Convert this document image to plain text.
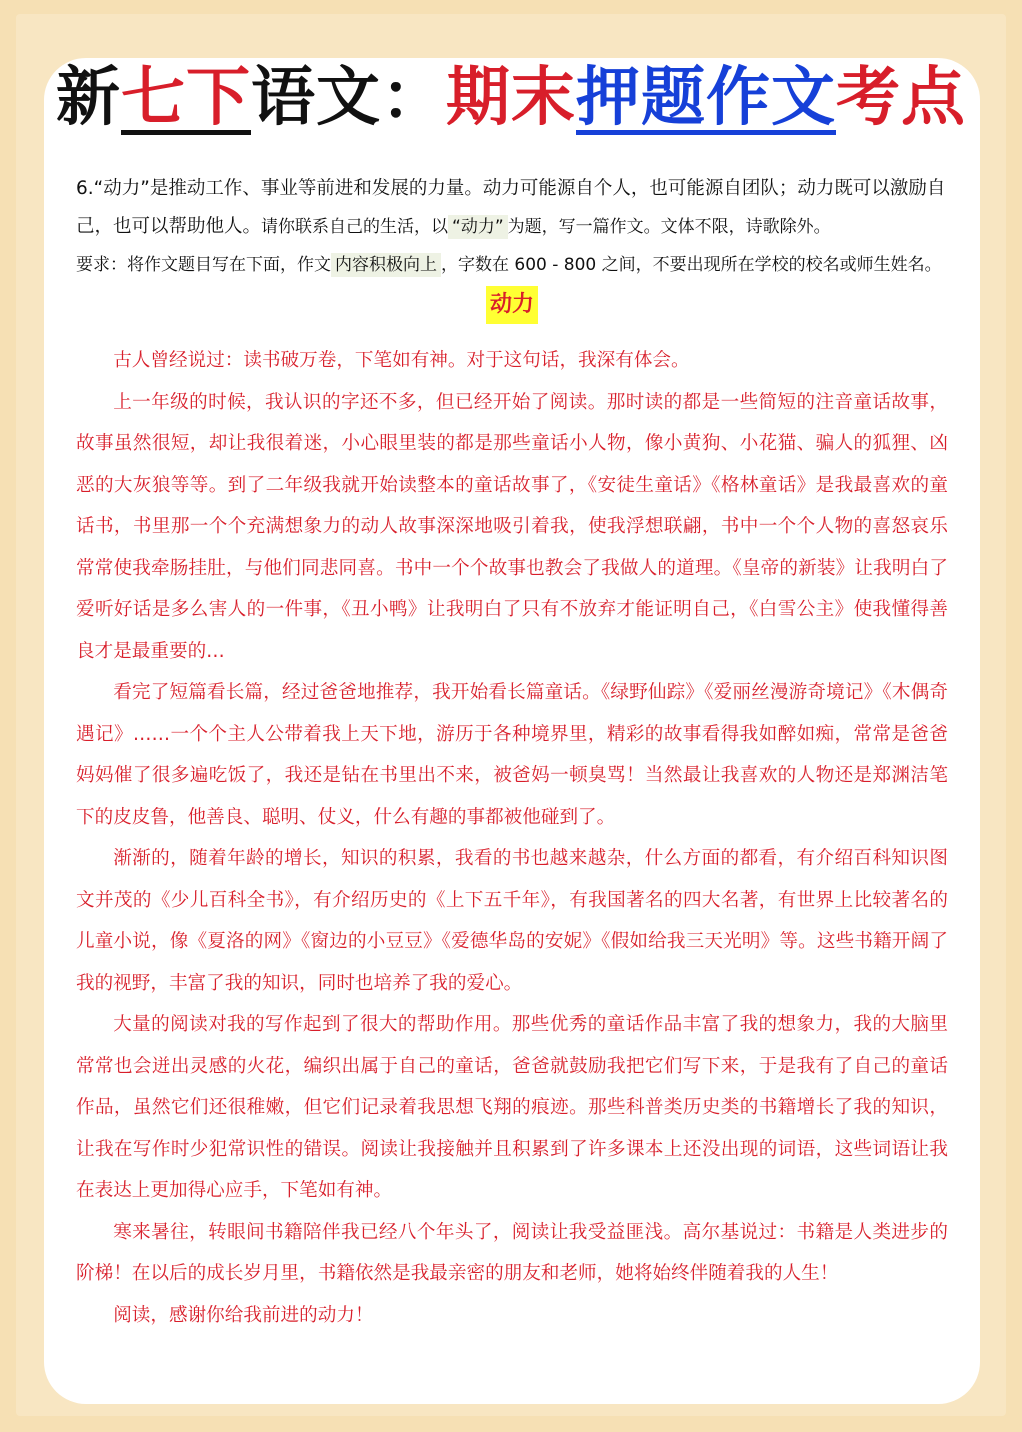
新七下语文：期末押题作文考点
6.“动力”是推动工作、事业等前进和发展的力量。动力可能源自个人，也可能源自团队；动力既可以激励自己，也可以帮助他人。请你联系自己的生活，以 “动力” 为题，写一篇作文。文体不限，诗歌除外。
要求：将作文题目写在下面，作文 内容积极向上 ，字数在 600 - 800 之间，不要出现所在学校的校名或师生姓名。
动力

古人曾经说过：读书破万卷，下笔如有神。对于这句话，我深有体会。

上一年级的时候，我认识的字还不多，但已经开始了阅读。那时读的都是一些简短的注音童话故事，故事虽然很短，却让我很着迷，小心眼里装的都是那些童话小人物，像小黄狗、小花猫、骗人的狐狸、凶恶的大灰狼等等。到了二年级我就开始读整本的童话故事了，《安徒生童话》《格林童话》是我最喜欢的童话书，书里那一个个充满想象力的动人故事深深地吸引着我，使我浮想联翩，书中一个个人物的喜怒哀乐常常使我牵肠挂肚，与他们同悲同喜。书中一个个故事也教会了我做人的道理。《皇帝的新装》让我明白了爱听好话是多么害人的一件事，《丑小鸭》让我明白了只有不放弃才能证明自己，《白雪公主》使我懂得善良才是最重要的…

看完了短篇看长篇，经过爸爸地推荐，我开始看长篇童话。《绿野仙踪》《爱丽丝漫游奇境记》《木偶奇遇记》……一个个主人公带着我上天下地，游历于各种境界里，精彩的故事看得我如醉如痴，常常是爸爸妈妈催了很多遍吃饭了，我还是钻在书里出不来，被爸妈一顿臭骂！当然最让我喜欢的人物还是郑渊洁笔下的皮皮鲁，他善良、聪明、仗义，什么有趣的事都被他碰到了。

渐渐的，随着年龄的增长，知识的积累，我看的书也越来越杂，什么方面的都看，有介绍百科知识图文并茂的《少儿百科全书》，有介绍历史的《上下五千年》，有我国著名的四大名著，有世界上比较著名的儿童小说，像《夏洛的网》《窗边的小豆豆》《爱德华岛的安妮》《假如给我三天光明》等。这些书籍开阔了我的视野，丰富了我的知识，同时也培养了我的爱心。

大量的阅读对我的写作起到了很大的帮助作用。那些优秀的童话作品丰富了我的想象力，我的大脑里常常也会迸出灵感的火花，编织出属于自己的童话，爸爸就鼓励我把它们写下来，于是我有了自己的童话作品，虽然它们还很稚嫩，但它们记录着我思想飞翔的痕迹。那些科普类历史类的书籍增长了我的知识，让我在写作时少犯常识性的错误。阅读让我接触并且积累到了许多课本上还没出现的词语，这些词语让我在表达上更加得心应手，下笔如有神。

寒来暑往，转眼间书籍陪伴我已经八个年头了，阅读让我受益匪浅。高尔基说过：书籍是人类进步的阶梯！在以后的成长岁月里，书籍依然是我最亲密的朋友和老师，她将始终伴随着我的人生！

阅读，感谢你给我前进的动力！
